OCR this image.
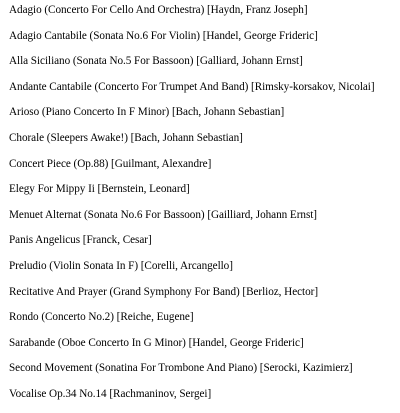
Adagio (Concerto For Cello And Orchestra) [Haydn, Franz Joseph]
Adagio Cantabile (Sonata No.6 For Violin) [Handel, George Frideric]
Alla Siciliano (Sonata No.5 For Bassoon) [Galliard, Johann Ernst]
Andante Cantabile (Concerto For Trumpet And Band) [Rimsky-korsakov, Nicolai]
Arioso (Piano Concerto In F Minor) [Bach, Johann Sebastian]
Chorale (Sleepers Awake!) [Bach, Johann Sebastian]
Concert Piece (Op.88) [Guilmant, Alexandre]
Elegy For Mippy Ii [Bernstein, Leonard]
Menuet Alternat (Sonata No.6 For Bassoon) [Gailliard, Johann Ernst]
Panis Angelicus [Franck, Cesar]
Preludio (Violin Sonata In F) [Corelli, Arcangello]
Recitative And Prayer (Grand Symphony For Band) [Berlioz, Hector]
Rondo (Concerto No.2) [Reiche, Eugene]
Sarabande (Oboe Concerto In G Minor) [Handel, George Frideric]
Second Movement (Sonatina For Trombone And Piano) [Serocki, Kazimierz]
Vocalise Op.34 No.14 [Rachmaninov, Sergei]
